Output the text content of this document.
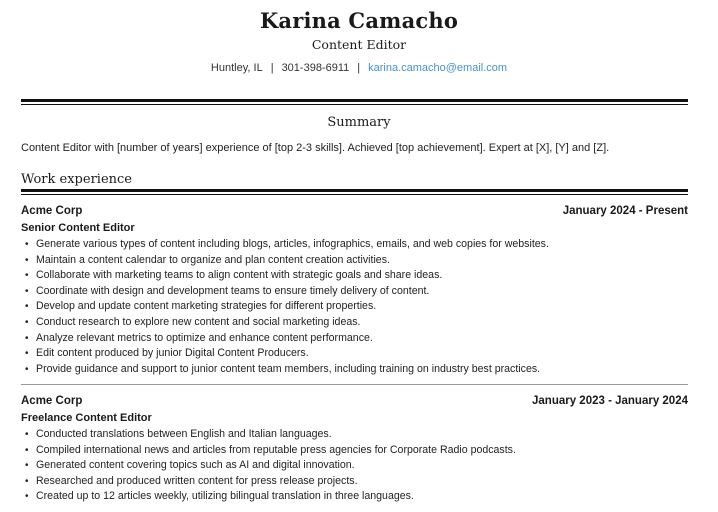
Karina Camacho
Content Editor
Huntley, IL | 301-398-6911 | karina.camacho@email.com
Summary
Content Editor with [number of years] experience of [top 2-3 skills]. Achieved [top achievement]. Expert at [X], [Y] and [Z].
Work experience
Acme Corp	January 2024 - Present
Senior Content Editor
• Generate various types of content including blogs, articles, infographics, emails, and web copies for websites.
• Maintain a content calendar to organize and plan content creation activities.
• Collaborate with marketing teams to align content with strategic goals and share ideas.
• Coordinate with design and development teams to ensure timely delivery of content.
• Develop and update content marketing strategies for different properties.
• Conduct research to explore new content and social marketing ideas.
• Analyze relevant metrics to optimize and enhance content performance.
• Edit content produced by junior Digital Content Producers.
• Provide guidance and support to junior content team members, including training on industry best practices.
Acme Corp	January 2023 - January 2024
Freelance Content Editor
• Conducted translations between English and Italian languages.
• Compiled international news and articles from reputable press agencies for Corporate Radio podcasts.
• Generated content covering topics such as AI and digital innovation.
• Researched and produced written content for press release projects.
• Created up to 12 articles weekly, utilizing bilingual translation in three languages.
